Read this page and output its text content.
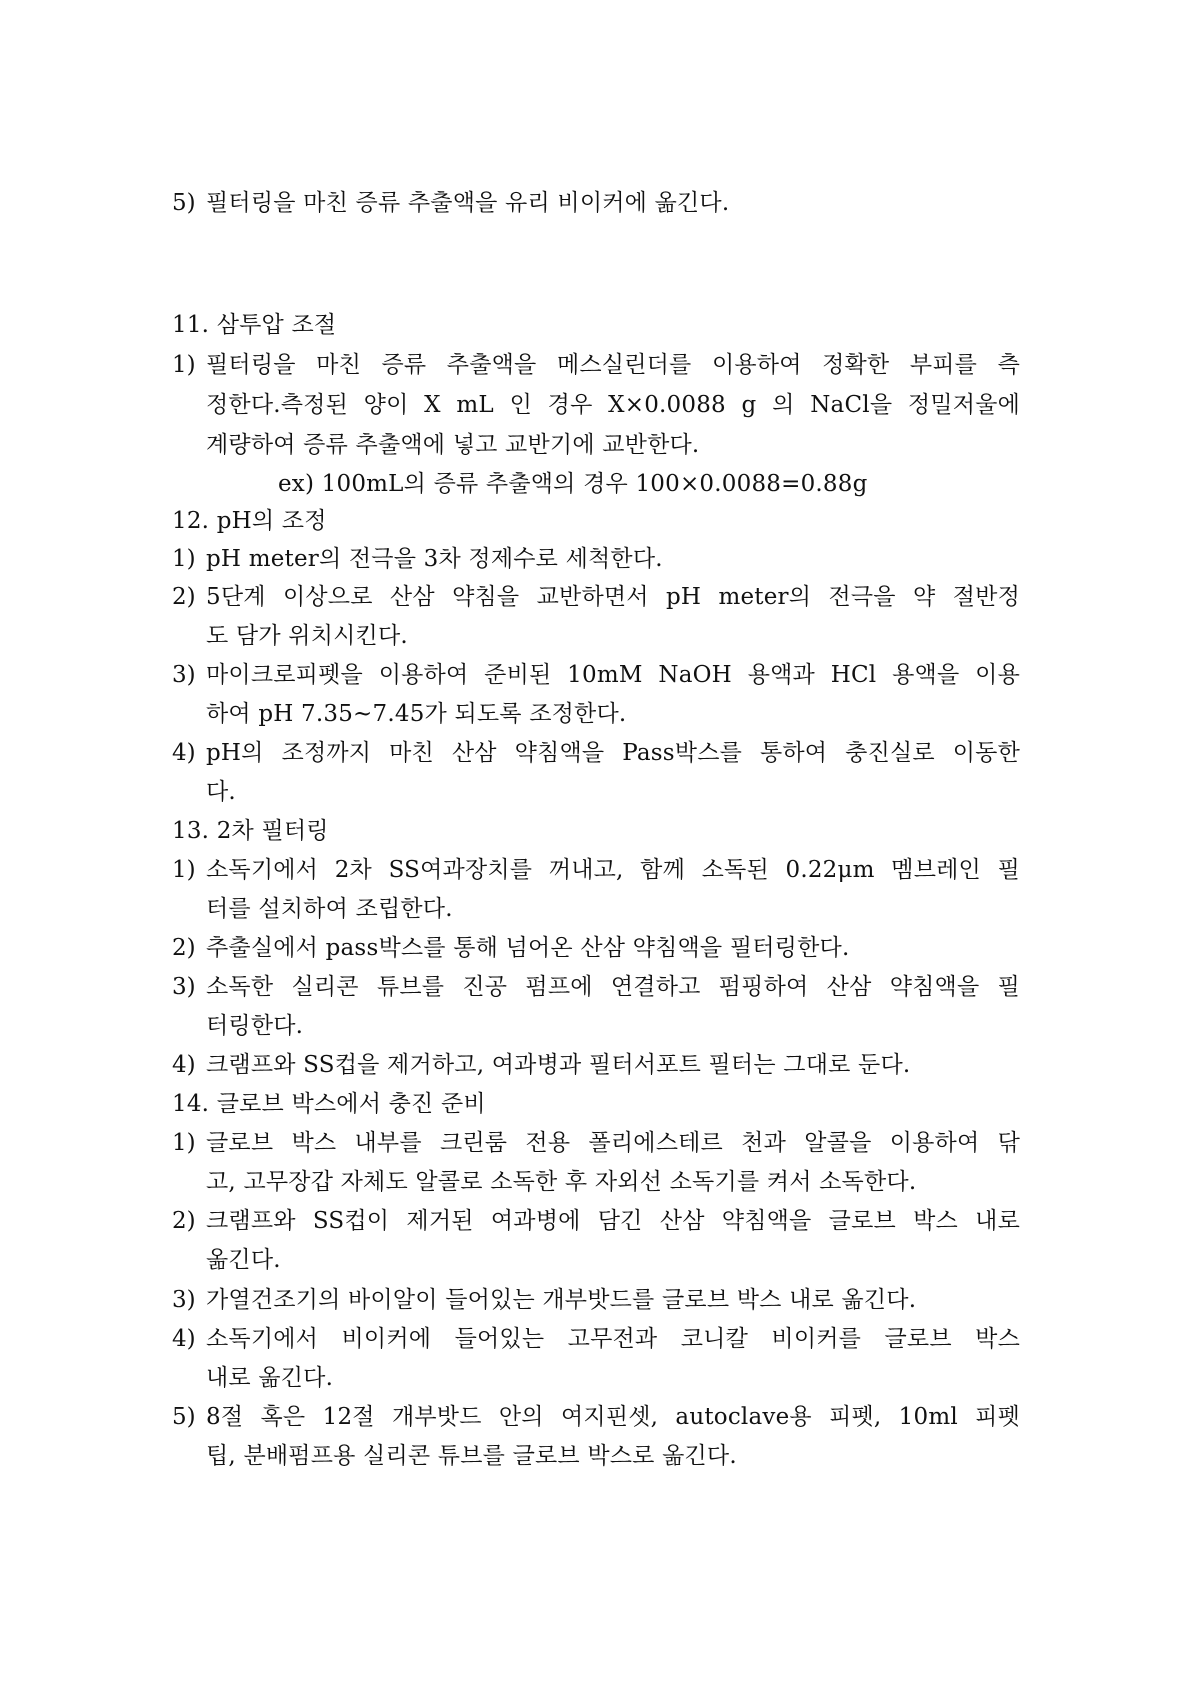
5) 필터링을 마친 증류 추출액을 유리 비이커에 옮긴다.
11. 삼투압 조절
1) 필터링을 마친 증류 추출액을 메스실린더를 이용하여 정확한 부피를 측
정한다.측정된 양이 X mL 인 경우 X×0.0088 g 의 NaCl을 정밀저울에
계량하여 증류 추출액에 넣고 교반기에 교반한다.
ex) 100mL의 증류 추출액의 경우 100×0.0088=0.88g
12. pH의 조정
1) pH meter의 전극을 3차 정제수로 세척한다.
2) 5단계 이상으로 산삼 약침을 교반하면서 pH meter의 전극을 약 절반정
도 담가 위치시킨다.
3) 마이크로피펫을 이용하여 준비된 10mM NaOH 용액과 HCl 용액을 이용
하여 pH 7.35~7.45가 되도록 조정한다.
4) pH의 조정까지 마친 산삼 약침액을 Pass박스를 통하여 충진실로 이동한
다.
13. 2차 필터링
1) 소독기에서 2차 SS여과장치를 꺼내고, 함께 소독된 0.22μm 멤브레인 필
터를 설치하여 조립한다.
2) 추출실에서 pass박스를 통해 넘어온 산삼 약침액을 필터링한다.
3) 소독한 실리콘 튜브를 진공 펌프에 연결하고 펌핑하여 산삼 약침액을 필
터링한다.
4) 크램프와 SS컵을 제거하고, 여과병과 필터서포트 필터는 그대로 둔다.
14. 글로브 박스에서 충진 준비
1) 글로브 박스 내부를 크린룸 전용 폴리에스테르 천과 알콜을 이용하여 닦
고, 고무장갑 자체도 알콜로 소독한 후 자외선 소독기를 켜서 소독한다.
2) 크램프와 SS컵이 제거된 여과병에 담긴 산삼 약침액을 글로브 박스 내로
옮긴다.
3) 가열건조기의 바이알이 들어있는 개부밧드를 글로브 박스 내로 옮긴다.
4) 소독기에서 비이커에 들어있는 고무전과 코니칼 비이커를 글로브 박스
내로 옮긴다.
5) 8절 혹은 12절 개부밧드 안의 여지핀셋, autoclave용 피펫, 10ml 피펫
팁, 분배펌프용 실리콘 튜브를 글로브 박스로 옮긴다.
